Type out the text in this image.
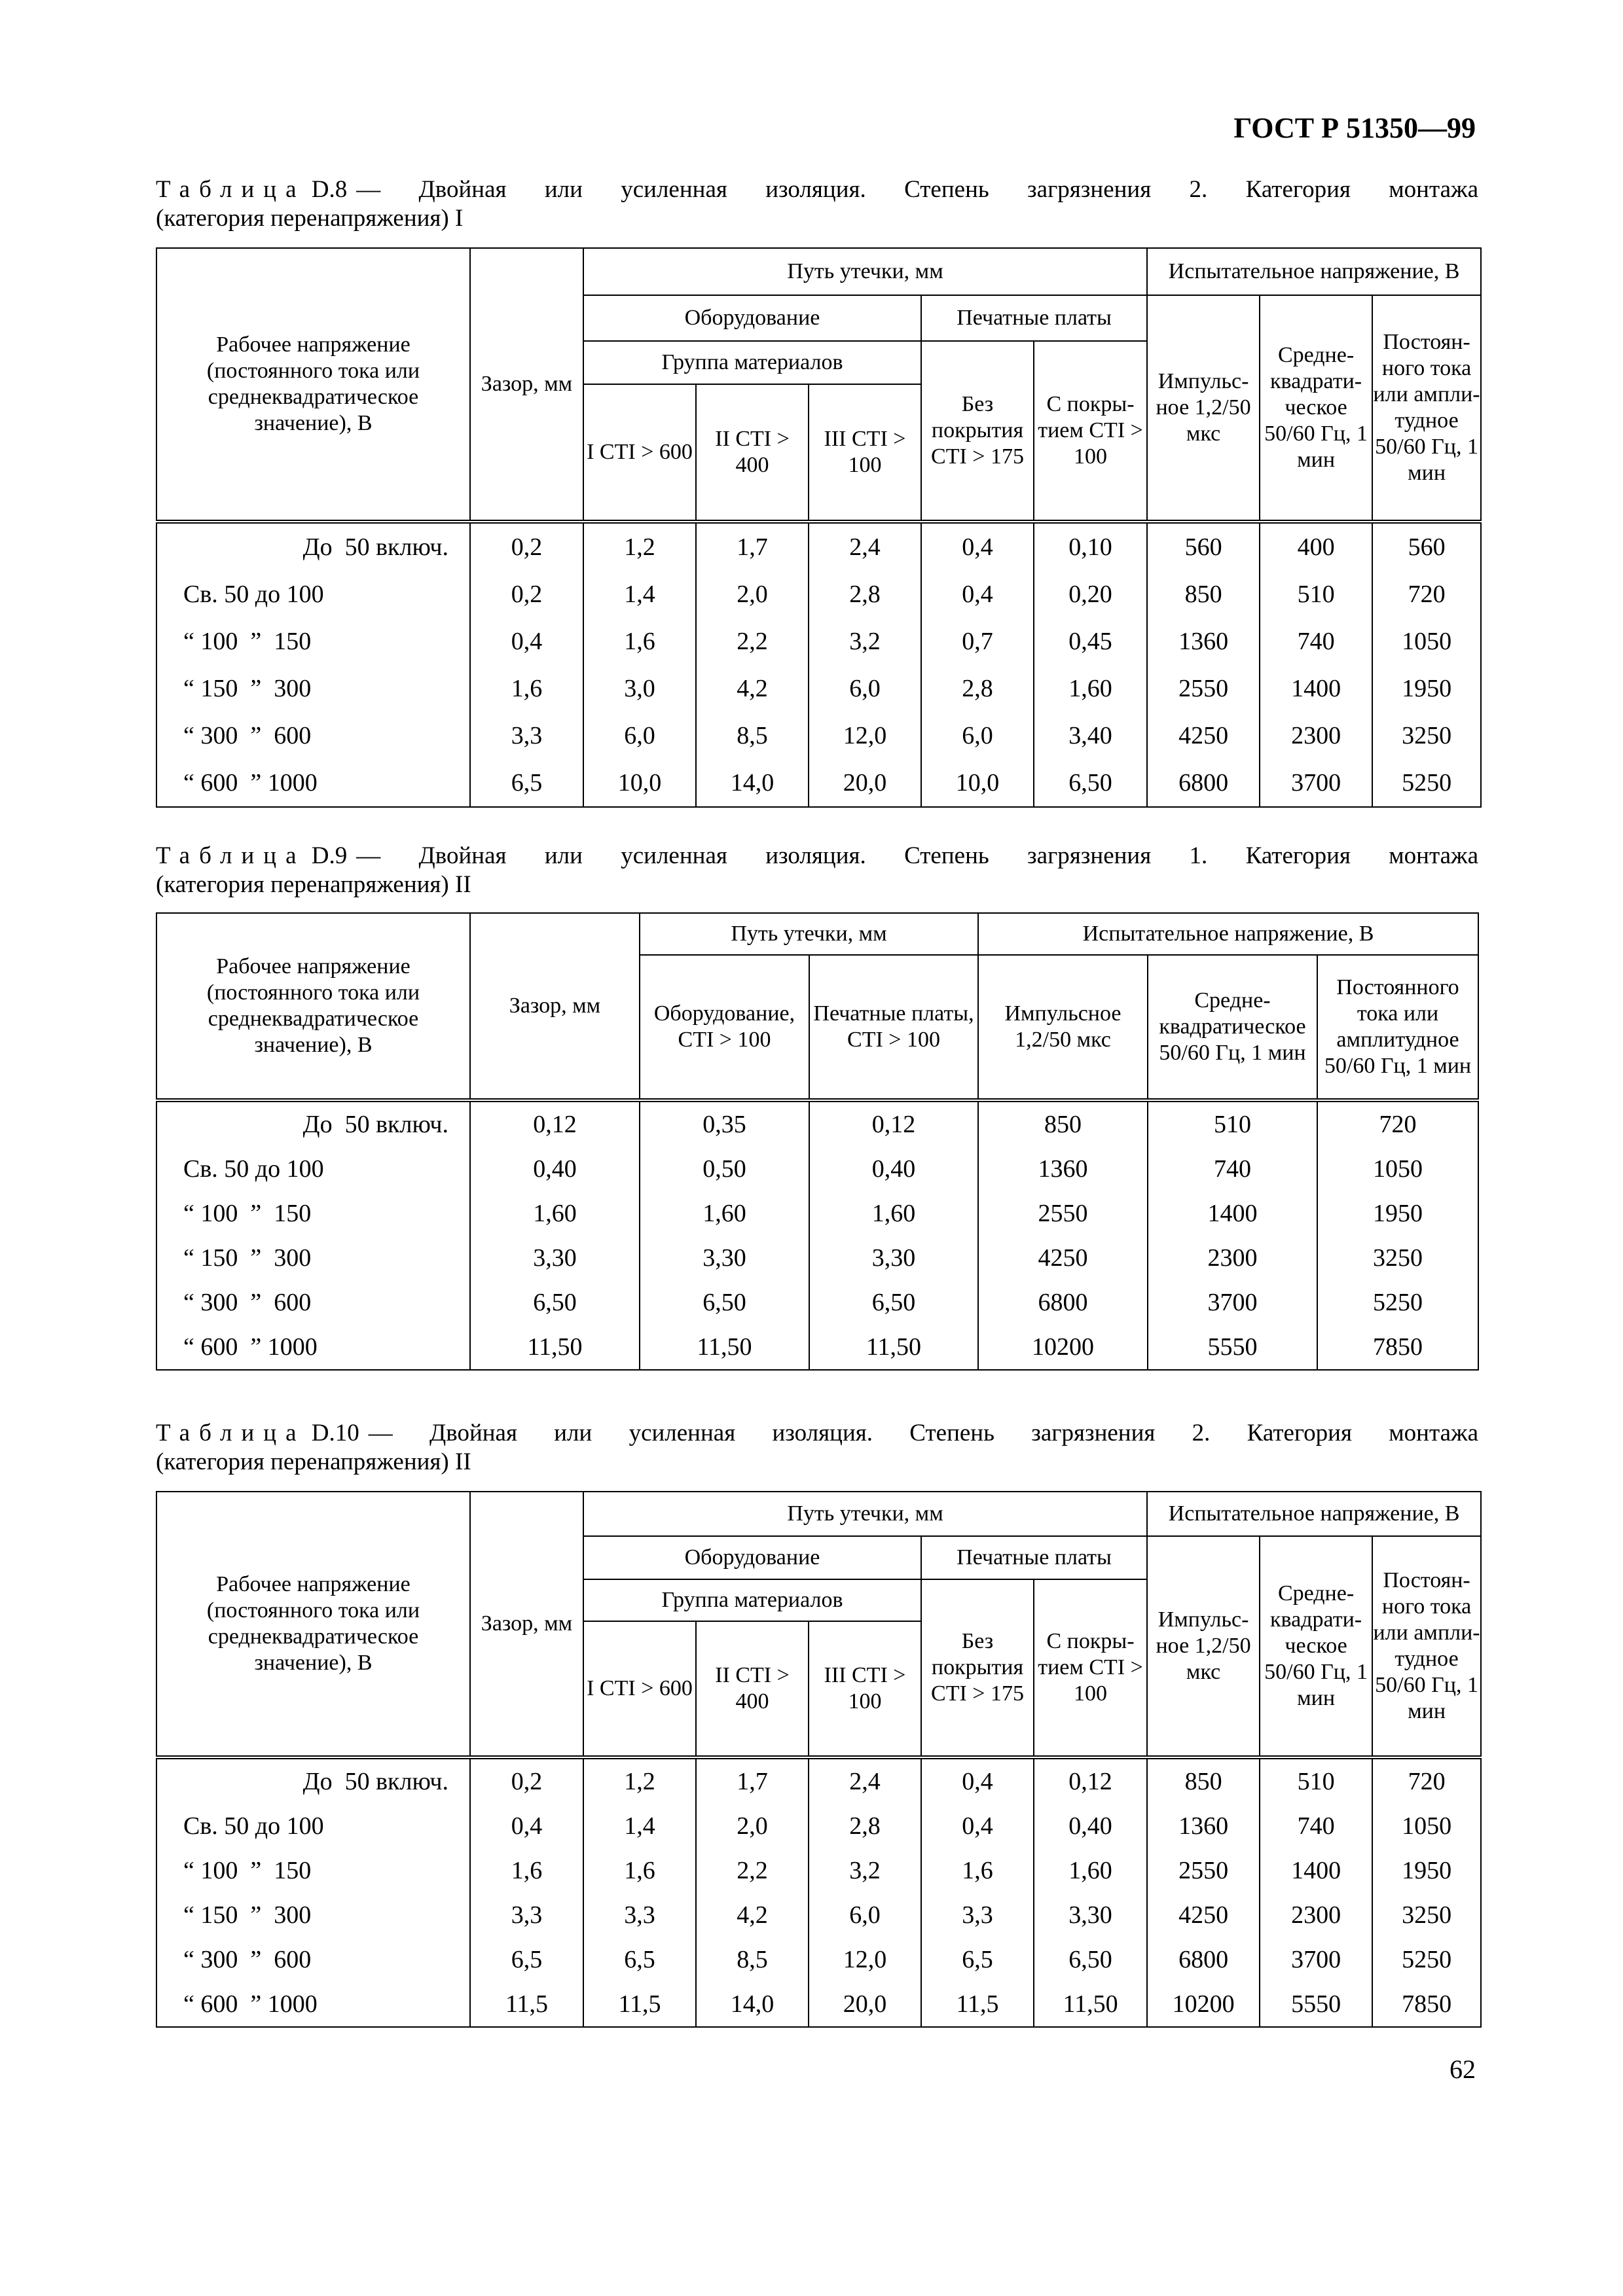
ГОСТ Р 51350—99
Таблица D.8 — Двойная или усиленная изоляция. Степень загрязнения 2. Категория монтажа
(категория перенапряжения) I
Рабочее напряжение (постоянного тока или среднеквадратическое значение), В	Зазор, мм	Путь утечки, мм					Испытательное напряжение, В		
		Оборудование			Печатные платы		Импульс-ное 1,2/50 мкс	Средне-квадрати-ческое 50/60 Гц, 1 мин	Постоян-ного тока или ампли-тудное 50/60 Гц, 1 мин
		Группа материалов			Без покрытия CTI > 175	С покры-тием CTI > 100			
		I CTI > 600	II CTI > 400	III CTI > 100					
До  50 включ.	0,2	1,2	1,7	2,4	0,4	0,10	560	400	560
Св. 50 до 100	0,2	1,4	2,0	2,8	0,4	0,20	850	510	720
“ 100  ”  150	0,4	1,6	2,2	3,2	0,7	0,45	1360	740	1050
“ 150  ”  300	1,6	3,0	4,2	6,0	2,8	1,60	2550	1400	1950
“ 300  ”  600	3,3	6,0	8,5	12,0	6,0	3,40	4250	2300	3250
“ 600  ” 1000	6,5	10,0	14,0	20,0	10,0	6,50	6800	3700	5250
Таблица D.9 — Двойная или усиленная изоляция. Степень загрязнения 1. Категория монтажа
(категория перенапряжения) II
Рабочее напряжение (постоянного тока или среднеквадратическое значение), В	Зазор, мм	Путь утечки, мм		Испытательное напряжение, В		
		Оборудование, CTI > 100	Печатные платы, CTI > 100	Импульсное 1,2/50 мкс	Средне-квадратическое 50/60 Гц, 1 мин	Постоянного тока или амплитудное 50/60 Гц, 1 мин
До  50 включ.	0,12	0,35	0,12	850	510	720
Св. 50 до 100	0,40	0,50	0,40	1360	740	1050
“ 100  ”  150	1,60	1,60	1,60	2550	1400	1950
“ 150  ”  300	3,30	3,30	3,30	4250	2300	3250
“ 300  ”  600	6,50	6,50	6,50	6800	3700	5250
“ 600  ” 1000	11,50	11,50	11,50	10200	5550	7850
Таблица D.10 — Двойная или усиленная изоляция. Степень загрязнения 2. Категория монтажа
(категория перенапряжения) II
Рабочее напряжение (постоянного тока или среднеквадратическое значение), В	Зазор, мм	Путь утечки, мм					Испытательное напряжение, В		
		Оборудование			Печатные платы		Импульс-ное 1,2/50 мкс	Средне-квадрати-ческое 50/60 Гц, 1 мин	Постоян-ного тока или ампли-тудное 50/60 Гц, 1 мин
		Группа материалов			Без покрытия CTI > 175	С покры-тием CTI > 100			
		I CTI > 600	II CTI > 400	III CTI > 100					
До  50 включ.	0,2	1,2	1,7	2,4	0,4	0,12	850	510	720
Св. 50 до 100	0,4	1,4	2,0	2,8	0,4	0,40	1360	740	1050
“ 100  ”  150	1,6	1,6	2,2	3,2	1,6	1,60	2550	1400	1950
“ 150  ”  300	3,3	3,3	4,2	6,0	3,3	3,30	4250	2300	3250
“ 300  ”  600	6,5	6,5	8,5	12,0	6,5	6,50	6800	3700	5250
“ 600  ” 1000	11,5	11,5	14,0	20,0	11,5	11,50	10200	5550	7850
62
